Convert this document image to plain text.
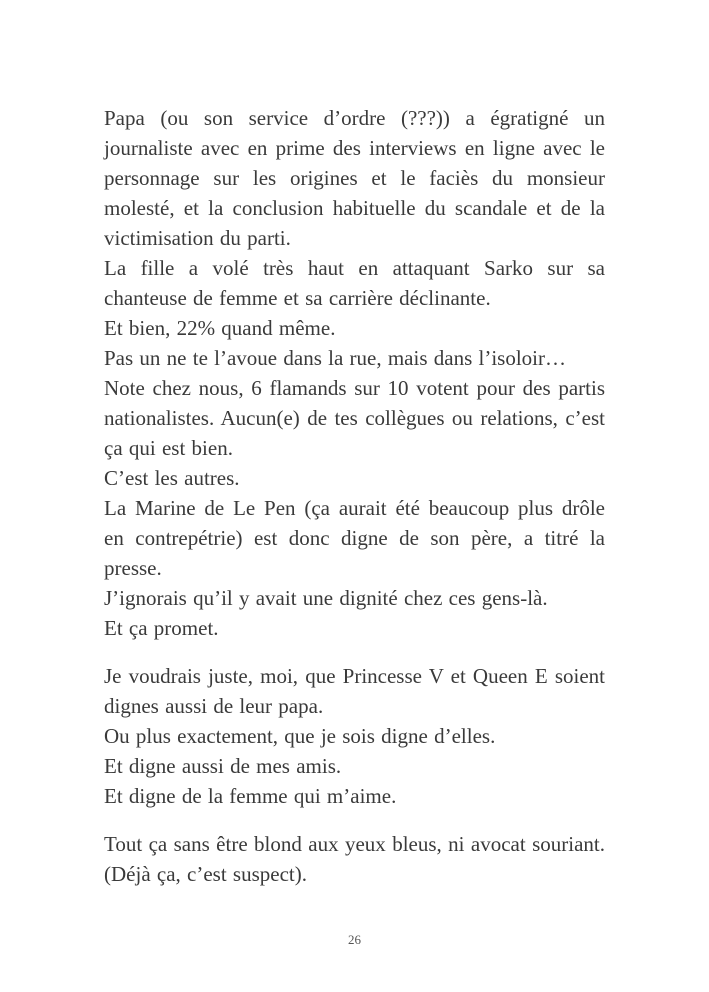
Papa (ou son service d’ordre (???)) a égratigné un journaliste avec en prime des interviews en ligne avec le personnage sur les origines et le faciès du monsieur molesté, et la conclusion habituelle du scandale et de la victimisation du parti.

La fille a volé très haut en attaquant Sarko sur sa chanteuse de femme et sa carrière déclinante.

Et bien, 22% quand même.

Pas un ne te l’avoue dans la rue, mais dans l’isoloir…

Note chez nous, 6 flamands sur 10 votent pour des partis nationalistes. Aucun(e) de tes collègues ou relations, c’est ça qui est bien.

C’est les autres.

La Marine de Le Pen (ça aurait été beaucoup plus drôle en contrepétrie) est donc digne de son père, a titré la presse.

J’ignorais qu’il y avait une dignité chez ces gens-là.

Et ça promet.

Je voudrais juste, moi, que Princesse V et Queen E soient dignes aussi de leur papa.

Ou plus exactement, que je sois digne d’elles.

Et digne aussi de mes amis.

Et digne de la femme qui m’aime.

Tout ça sans être blond aux yeux bleus, ni avocat souriant. (Déjà ça, c’est suspect).

26
